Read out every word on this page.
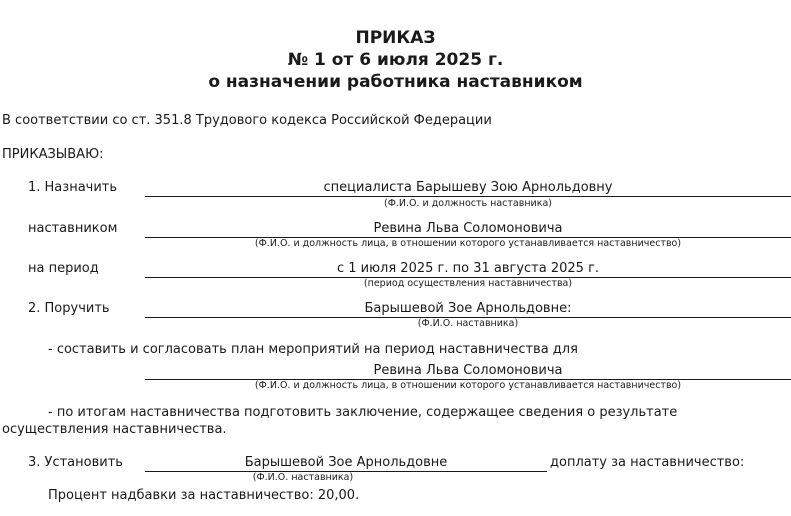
ПРИКАЗ
№ 1 от 6 июля 2025 г.
о назначении работника наставником
В соответствии со ст. 351.8 Трудового кодекса Российской Федерации
ПРИКАЗЫВАЮ:
1. Назначить	специалиста Барышеву Зою Арнольдовну
(Ф.И.О. и должность наставника)
наставником	Ревина Льва Соломоновича
(Ф.И.О. и должность лица, в отношении которого устанавливается наставничество)
на период	с 1 июля 2025 г. по 31 августа 2025 г.
(период осуществления наставничества)
2. Поручить	Барышевой Зое Арнольдовне:
(Ф.И.О. наставника)
- составить и согласовать план мероприятий на период наставничества для
Ревина Льва Соломоновича
(Ф.И.О. и должность лица, в отношении которого устанавливается наставничество)
- по итогам наставничества подготовить заключение, содержащее сведения о результате осуществления наставничества.
3. Установить	Барышевой Зое Арнольдовне	доплату за наставничество:
(Ф.И.О. наставника)
Процент надбавки за наставничество: 20,00.
